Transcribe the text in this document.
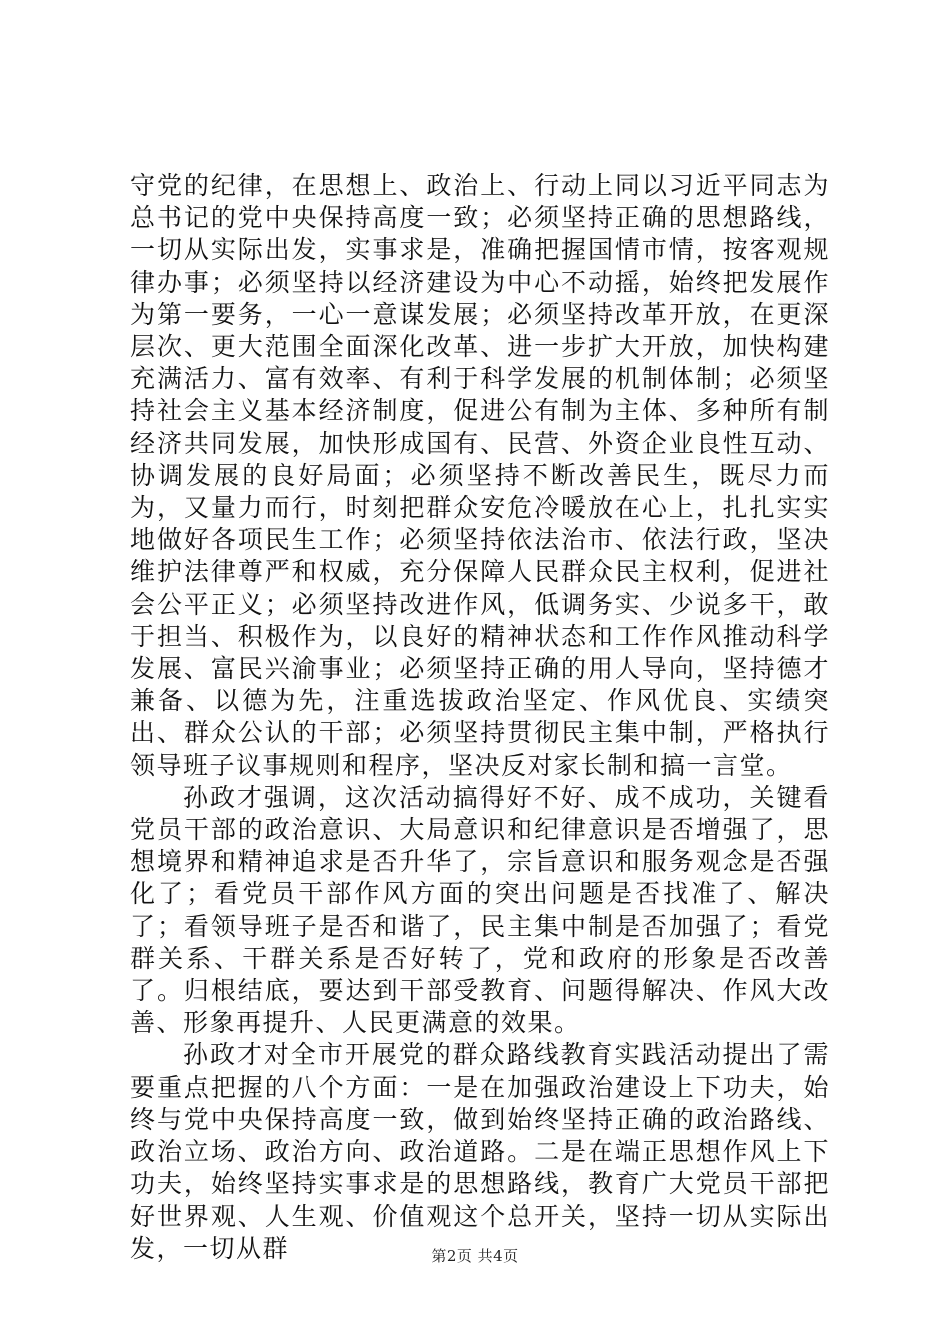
守党的纪律，在思想上、政治上、行动上同以习近平同志为总书记的党中央保持高度一致；必须坚持正确的思想路线，一切从实际出发，实事求是，准确把握国情市情，按客观规律办事；必须坚持以经济建设为中心不动摇，始终把发展作为第一要务，一心一意谋发展；必须坚持改革开放，在更深层次、更大范围全面深化改革、进一步扩大开放，加快构建充满活力、富有效率、有利于科学发展的机制体制；必须坚持社会主义基本经济制度，促进公有制为主体、多种所有制经济共同发展，加快形成国有、民营、外资企业良性互动、协调发展的良好局面；必须坚持不断改善民生，既尽力而为，又量力而行，时刻把群众安危冷暖放在心上，扎扎实实地做好各项民生工作；必须坚持依法治市、依法行政，坚决维护法律尊严和权威，充分保障人民群众民主权利，促进社会公平正义；必须坚持改进作风，低调务实、少说多干，敢于担当、积极作为，以良好的精神状态和工作作风推动科学发展、富民兴渝事业；必须坚持正确的用人导向，坚持德才兼备、以德为先，注重选拔政治坚定、作风优良、实绩突出、群众公认的干部；必须坚持贯彻民主集中制，严格执行领导班子议事规则和程序，坚决反对家长制和搞一言堂。

孙政才强调，这次活动搞得好不好、成不成功，关键看党员干部的政治意识、大局意识和纪律意识是否增强了，思想境界和精神追求是否升华了，宗旨意识和服务观念是否强化了；看党员干部作风方面的突出问题是否找准了、解决了；看领导班子是否和谐了，民主集中制是否加强了；看党群关系、干群关系是否好转了，党和政府的形象是否改善了。归根结底，要达到干部受教育、问题得解决、作风大改善、形象再提升、人民更满意的效果。

孙政才对全市开展党的群众路线教育实践活动提出了需要重点把握的八个方面：一是在加强政治建设上下功夫，始终与党中央保持高度一致，做到始终坚持正确的政治路线、政治立场、政治方向、政治道路。二是在端正思想作风上下功夫，始终坚持实事求是的思想路线，教育广大党员干部把好世界观、人生观、价值观这个总开关，坚持一切从实际出发，一切从群	第2页 共4页
